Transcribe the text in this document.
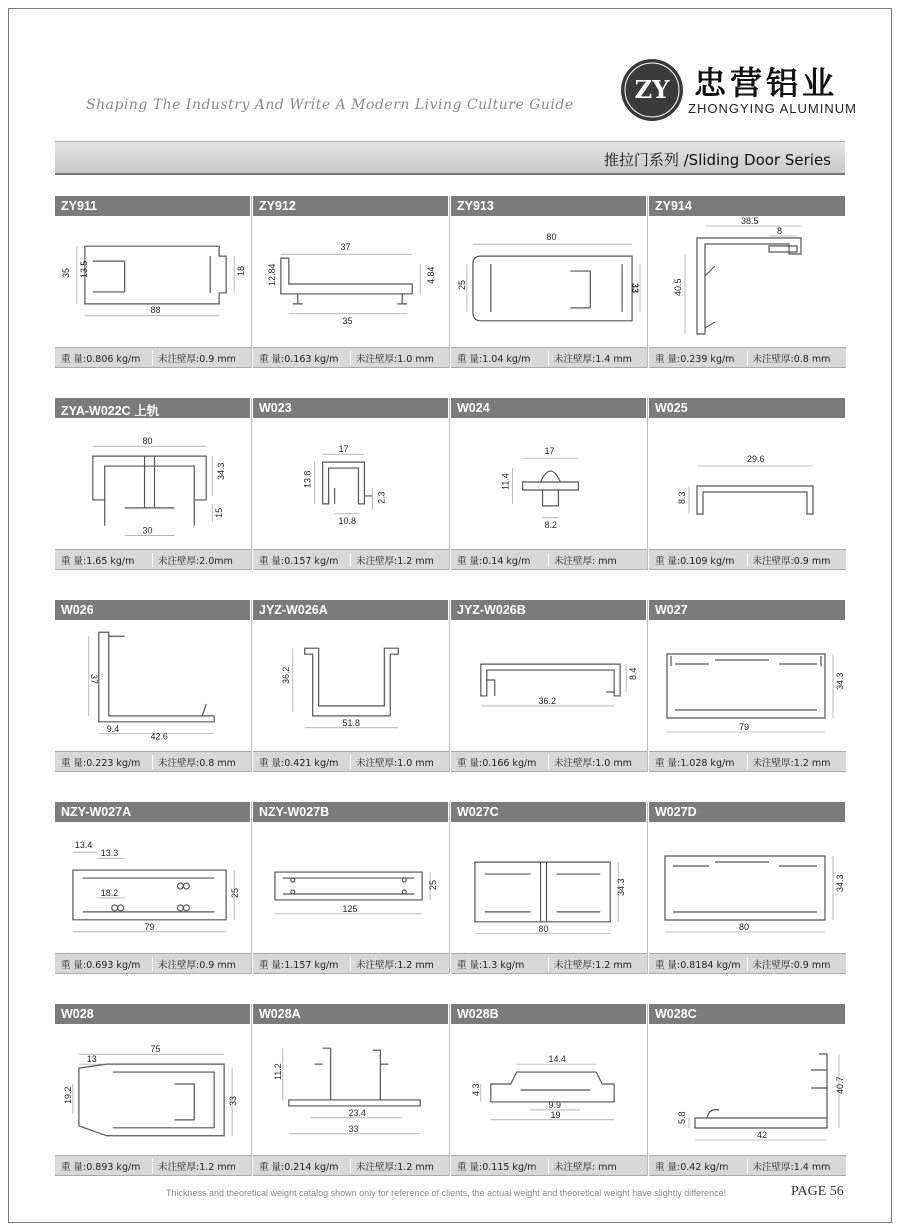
ZY 忠营铝业
ZHONGYING ALUMINUM
Shaping The Industry And Write A Modern Living Culture Guide
推拉门系列 /Sliding Door Series
ZY911
35 13.5	18
88
重 量:0.806 kg/m	未注壁厚:0.9 mm
ZY912
37
12.84	4.84
35
重 量:0.163 kg/m	未注壁厚:1.0 mm
ZY913
80
25	33
重 量:1.04 kg/m	未注壁厚:1.4 mm
ZY914
38.5
8
40.5
重 量:0.239 kg/m	未注壁厚:0.8 mm
ZYA-W022C 上轨
80
34.3
15
30
重 量:1.65 kg/m	未注壁厚:2.0mm
W023
17
13.8
2.3
10.8
重 量:0.157 kg/m	未注壁厚:1.2 mm
W024
17
11.4
8.2
重 量:0.14 kg/m	未注壁厚: mm
W025
29.6
8.3
重 量:0.109 kg/m	未注壁厚:0.9 mm
W026
37
9.4
42.6
重 量:0.223 kg/m	未注壁厚:0.8 mm
JYZ-W026A
36.2
51.8
重 量:0.421 kg/m	未注壁厚:1.0 mm
JYZ-W026B
8.4
36.2
重 量:0.166 kg/m	未注壁厚:1.0 mm
W027
34.3
79
重 量:1.028 kg/m	未注壁厚:1.2 mm
NZY-W027A
13.4
13.3
18.2	25
79
重 量:0.693 kg/m	未注壁厚:0.9 mm
NZY-W027B
25
125
重 量:1.157 kg/m	未注壁厚:1.2 mm
W027C
34.3
80
重 量:1.3 kg/m	未注壁厚:1.2 mm
W027D
34.3
80
重 量:0.8184 kg/m	未注壁厚:0.9 mm
W028
75
13
19.2	33
重 量:0.893 kg/m	未注壁厚:1.2 mm
W028A
11.2
23.4
33
重 量:0.214 kg/m	未注壁厚:1.2 mm
W028B
14.4
4.3
9.9
19
重 量:0.115 kg/m	未注壁厚: mm
W028C
40.7
5.8
42
重 量:0.42 kg/m	未注壁厚:1.4 mm
Thickness and theoretical weight catalog shown only for reference of clients, the actual weight and theoretical weight have slightly difference!	PAGE 56
